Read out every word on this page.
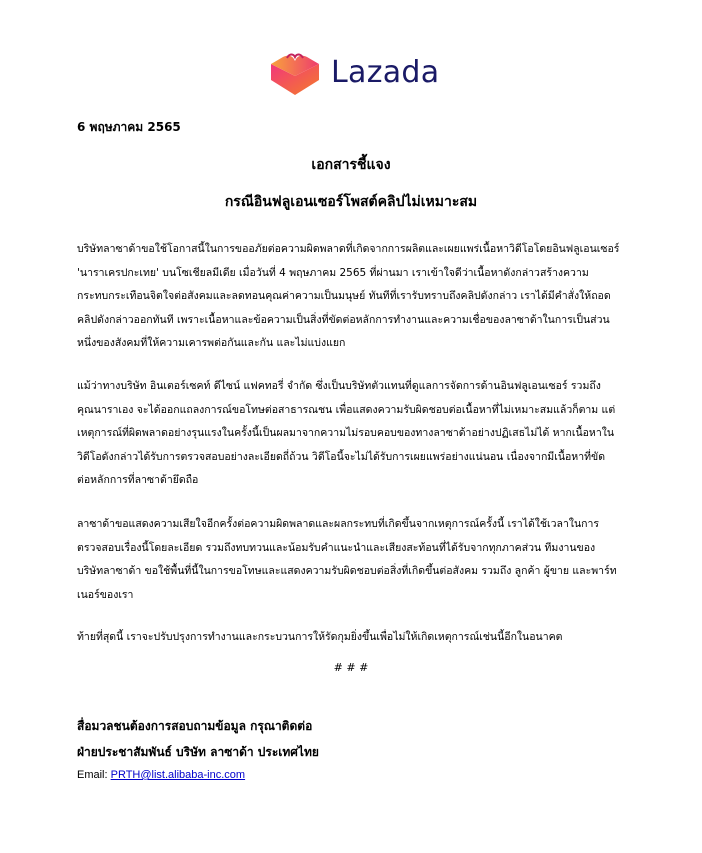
Lazada
6 พฤษภาคม 2565
เอกสารชี้แจง
กรณีอินฟลูเอนเซอร์โพสต์คลิปไม่เหมาะสม
บริษัทลาซาด้าขอใช้โอกาสนี้ในการขออภัยต่อความผิดพลาดที่เกิดจากการผลิตและเผยแพร่เนื้อหาวิดีโอโดยอินฟลูเอนเซอร์
'นาราเครปกะเทย' บนโซเชียลมีเดีย เมื่อวันที่ 4 พฤษภาคม 2565 ที่ผ่านมา เราเข้าใจดีว่าเนื้อหาดังกล่าวสร้างความ
กระทบกระเทือนจิตใจต่อสังคมและลดทอนคุณค่าความเป็นมนุษย์ ทันทีที่เรารับทราบถึงคลิปดังกล่าว เราได้มีคำสั่งให้ถอด
คลิปดังกล่าวออกทันที เพราะเนื้อหาและข้อความเป็นสิ่งที่ขัดต่อหลักการทำงานและความเชื่อของลาซาด้าในการเป็นส่วน
หนึ่งของสังคมที่ให้ความเคารพต่อกันและกัน และไม่แบ่งแยก
แม้ว่าทางบริษัท อินเตอร์เซคท์ ดีไซน์ แฟคทอรี่ จำกัด ซึ่งเป็นบริษัทตัวแทนที่ดูแลการจัดการด้านอินฟลูเอนเซอร์ รวมถึง
คุณนาราเอง จะได้ออกแถลงการณ์ขอโทษต่อสาธารณชน เพื่อแสดงความรับผิดชอบต่อเนื้อหาที่ไม่เหมาะสมแล้วก็ตาม แต่
เหตุการณ์ที่ผิดพลาดอย่างรุนแรงในครั้งนี้เป็นผลมาจากความไม่รอบคอบของทางลาซาด้าอย่างปฏิเสธไม่ได้ หากเนื้อหาใน
วิดีโอดังกล่าวได้รับการตรวจสอบอย่างละเอียดถี่ถ้วน วิดีโอนี้จะไม่ได้รับการเผยแพร่อย่างแน่นอน เนื่องจากมีเนื้อหาที่ขัด
ต่อหลักการที่ลาซาด้ายึดถือ
ลาซาด้าขอแสดงความเสียใจอีกครั้งต่อความผิดพลาดและผลกระทบที่เกิดขึ้นจากเหตุการณ์ครั้งนี้ เราได้ใช้เวลาในการ
ตรวจสอบเรื่องนี้โดยละเอียด รวมถึงทบทวนและน้อมรับคำแนะนำและเสียงสะท้อนที่ได้รับจากทุกภาคส่วน ทีมงานของ
บริษัทลาซาด้า ขอใช้พื้นที่นี้ในการขอโทษและแสดงความรับผิดชอบต่อสิ่งที่เกิดขึ้นต่อสังคม รวมถึง ลูกค้า ผู้ขาย และพาร์ท
เนอร์ของเรา
ท้ายที่สุดนี้ เราจะปรับปรุงการทำงานและกระบวนการให้รัดกุมยิ่งขึ้นเพื่อไม่ให้เกิดเหตุการณ์เช่นนี้อีกในอนาคต
# # #
สื่อมวลชนต้องการสอบถามข้อมูล กรุณาติดต่อ
ฝ่ายประชาสัมพันธ์ บริษัท ลาซาด้า ประเทศไทย
Email: PRTH@list.alibaba-inc.com
